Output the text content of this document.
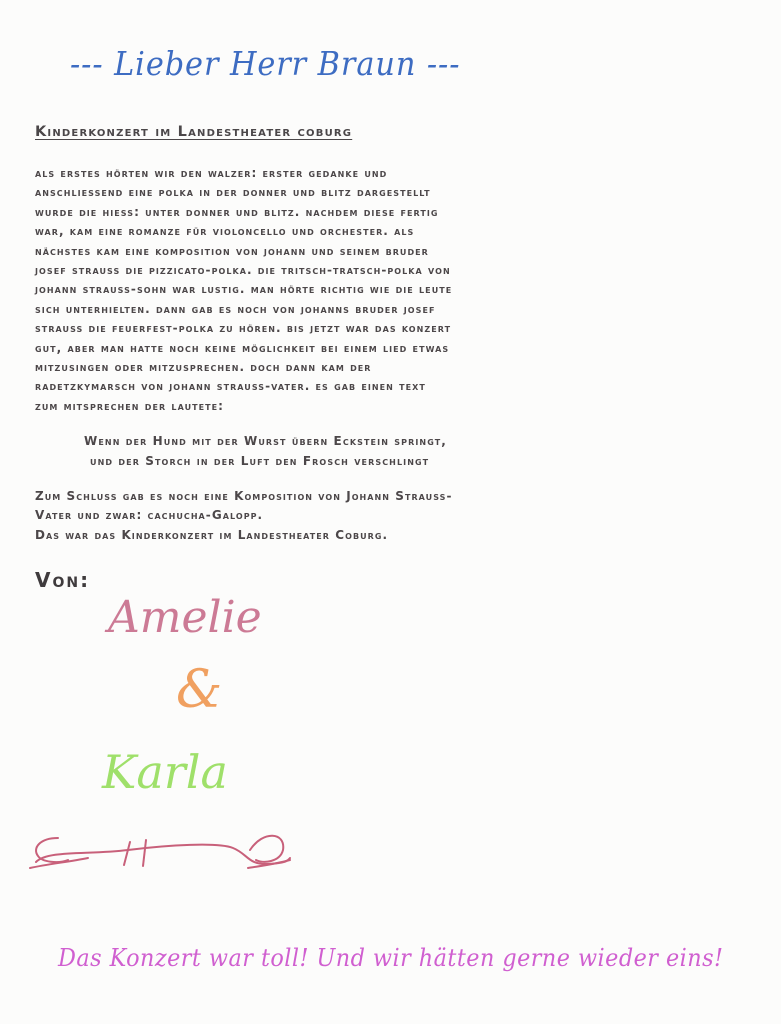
--- Lieber Herr Braun ---
Kinderkonzert im Landestheater coburg
als erstes hörten wir den walzer: erster gedanke und
anschliessend eine polka in der donner und blitz dargestellt
wurde die hiess: unter donner und blitz. nachdem diese fertig
war, kam eine romanze für violoncello und orchester. als
nächstes kam eine komposition von johann und seinem bruder
josef strauss die pizzicato-polka. die tritsch-tratsch-polka von
johann strauss-sohn war lustig. man hörte richtig wie die leute
sich unterhielten. dann gab es noch von johanns bruder josef
strauss die feuerfest-polka zu hören. bis jetzt war das konzert
gut, aber man hatte noch keine möglichkeit bei einem lied etwas
mitzusingen oder mitzusprechen. doch dann kam der
radetzkymarsch von johann strauss-vater. es gab einen text
zum mitsprechen der lautete:
Wenn der Hund mit der Wurst übern Eckstein springt,
und der Storch in der Luft den Frosch verschlingt
Zum Schluss gab es noch eine Komposition von Johann Strauss-
Vater und zwar: cachucha-Galopp.
Das war das Kinderkonzert im Landestheater Coburg.
Von:
Amelie
&
Karla
Das Konzert war toll! Und wir hätten gerne wieder eins!
